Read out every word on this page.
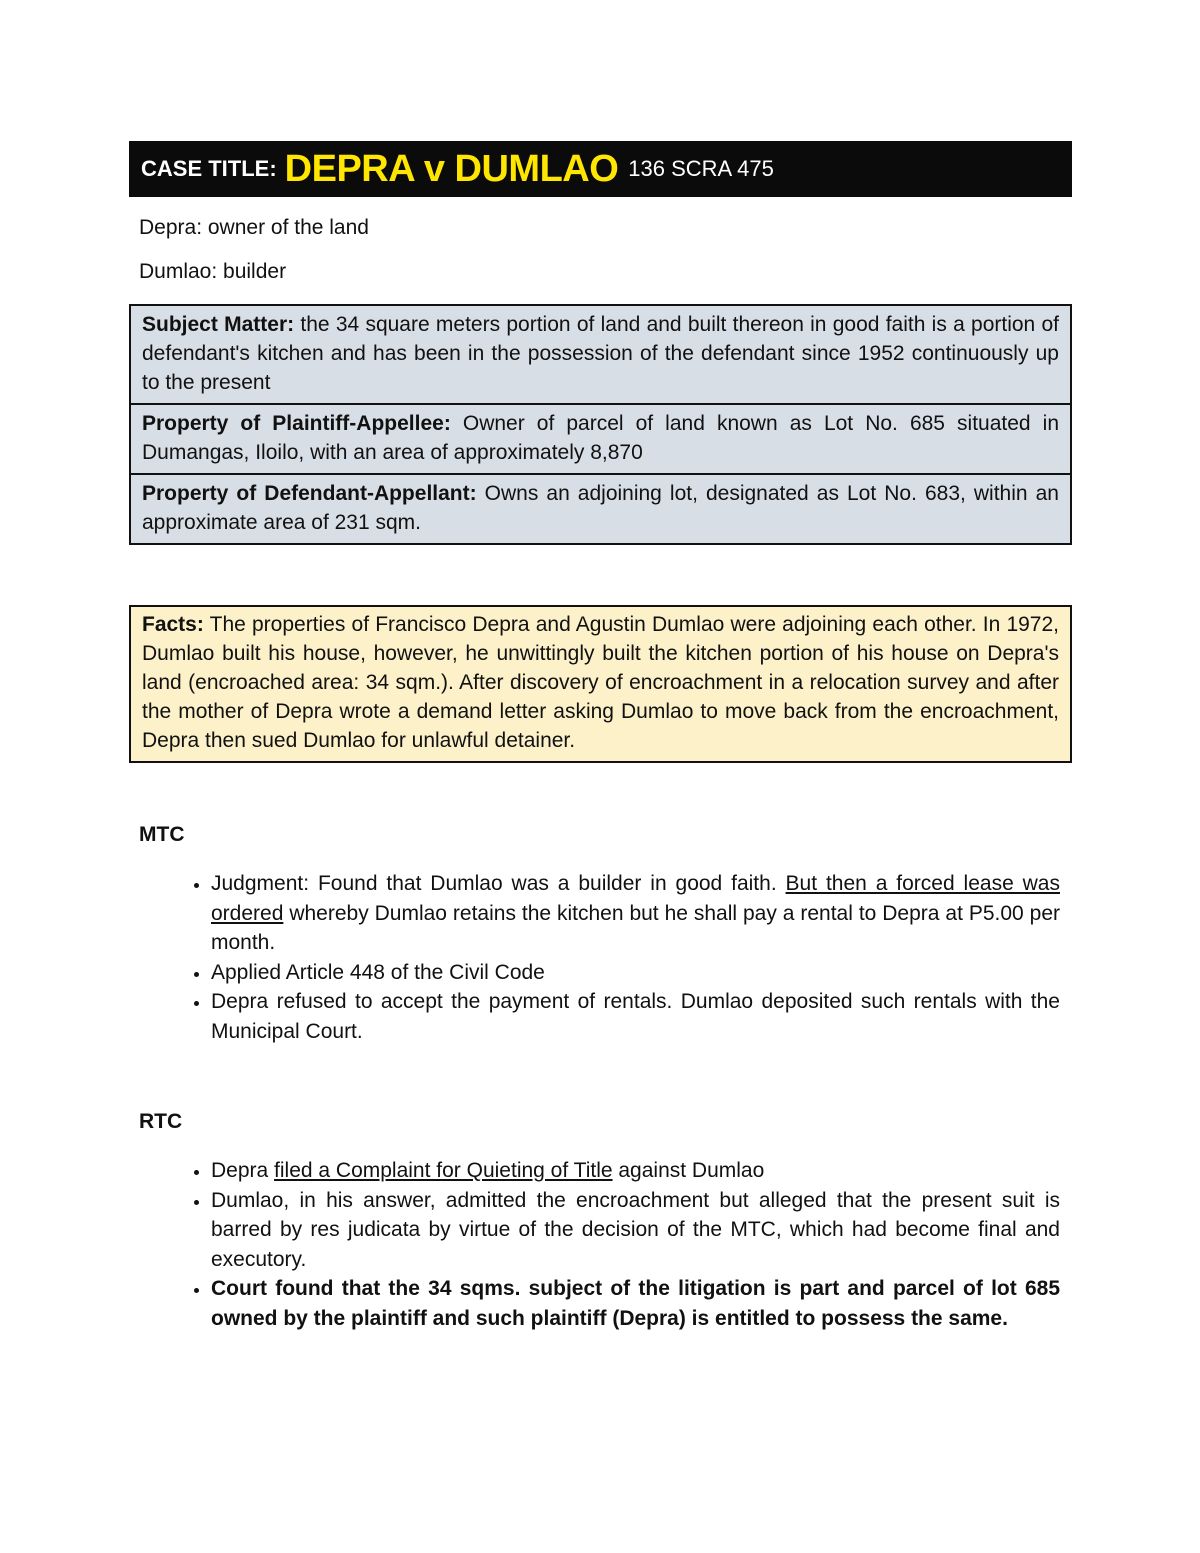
CASE TITLE: DEPRA v DUMLAO 136 SCRA 475

Depra: owner of the land

Dumlao: builder

Subject Matter: the 34 square meters portion of land and built thereon in good faith is a portion of defendant's kitchen and has been in the possession of the defendant since 1952 continuously up to the present
Property of Plaintiff-Appellee: Owner of parcel of land known as Lot No. 685 situated in Dumangas, Iloilo, with an area of approximately 8,870
Property of Defendant-Appellant: Owns an adjoining lot, designated as Lot No. 683, within an approximate area of 231 sqm.
Facts: The properties of Francisco Depra and Agustin Dumlao were adjoining each other. In 1972, Dumlao built his house, however, he unwittingly built the kitchen portion of his house on Depra's land (encroached area: 34 sqm.). After discovery of encroachment in a relocation survey and after the mother of Depra wrote a demand letter asking Dumlao to move back from the encroachment, Depra then sued Dumlao for unlawful detainer.

MTC

• Judgment: Found that Dumlao was a builder in good faith. But then a forced lease was ordered whereby Dumlao retains the kitchen but he shall pay a rental to Depra at P5.00 per month.
• Applied Article 448 of the Civil Code
• Depra refused to accept the payment of rentals. Dumlao deposited such rentals with the Municipal Court.

RTC

• Depra filed a Complaint for Quieting of Title against Dumlao
• Dumlao, in his answer, admitted the encroachment but alleged that the present suit is barred by res judicata by virtue of the decision of the MTC, which had become final and executory.
• Court found that the 34 sqms. subject of the litigation is part and parcel of lot 685 owned by the plaintiff and such plaintiff (Depra) is entitled to possess the same.
